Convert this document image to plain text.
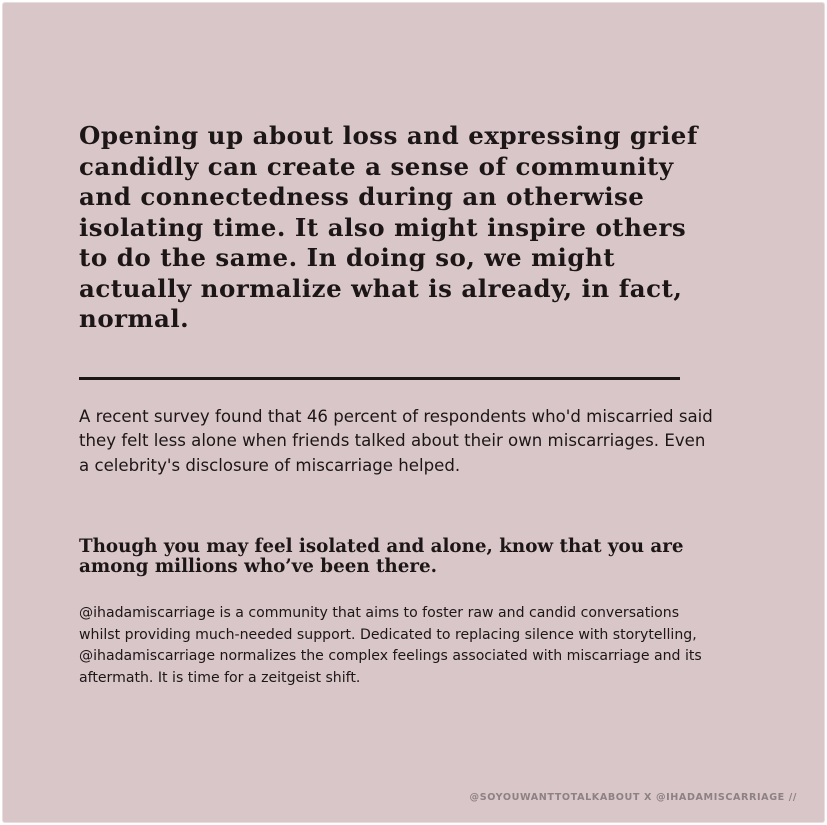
Opening up about loss and expressing grief candidly can create a sense of community and connectedness during an otherwise isolating time. It also might inspire others to do the same. In doing so, we might actually normalize what is already, in fact, normal.

A recent survey found that 46 percent of respondents who'd miscarried said they felt less alone when friends talked about their own miscarriages. Even a celebrity's disclosure of miscarriage helped.

Though you may feel isolated and alone, know that you are among millions who’ve been there.

@ihadamiscarriage is a community that aims to foster raw and candid conversations whilst providing much-needed support. Dedicated to replacing silence with storytelling, @ihadamiscarriage normalizes the complex feelings associated with miscarriage and its aftermath. It is time for a zeitgeist shift.

@SOYOUWANTTOTALKABOUT X @IHADAMISCARRIAGE //
